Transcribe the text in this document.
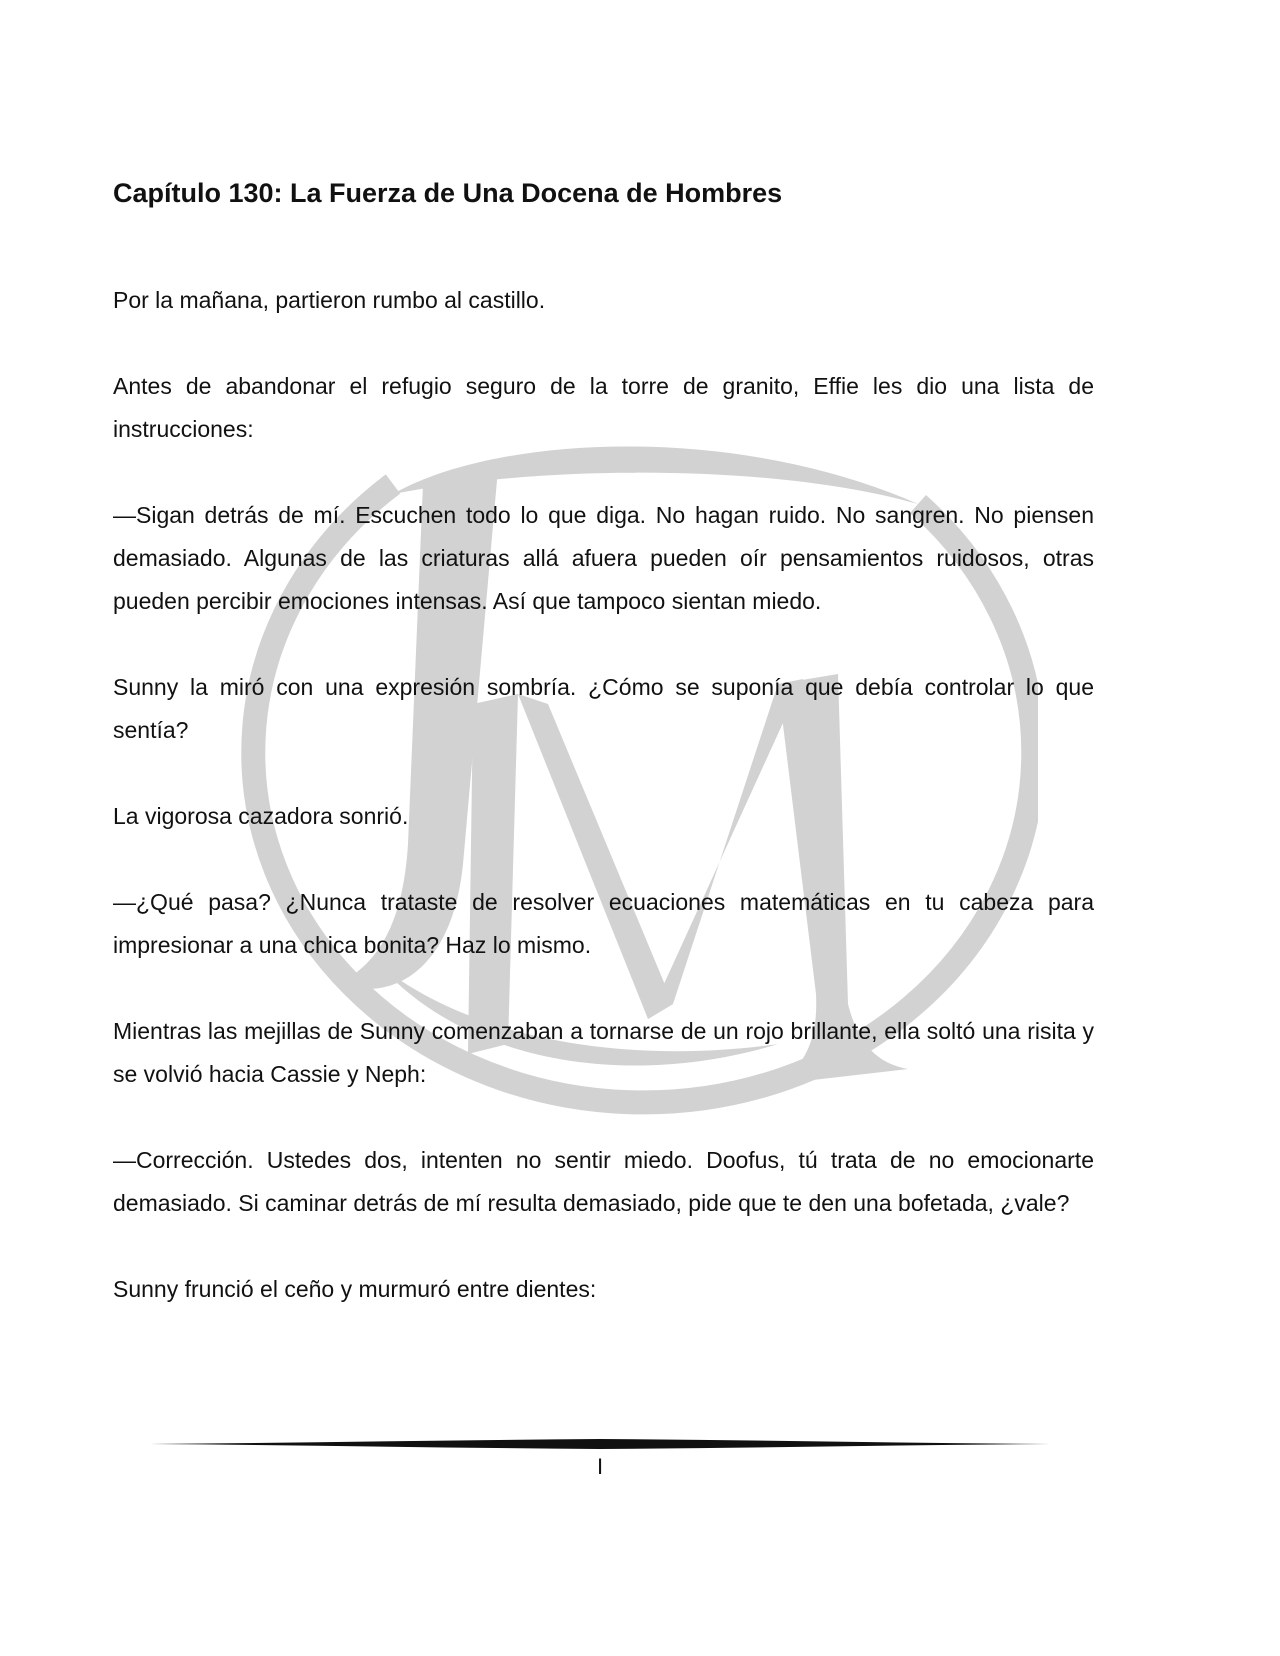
Capítulo 130: La Fuerza de Una Docena de Hombres

Por la mañana, partieron rumbo al castillo.

Antes de abandonar el refugio seguro de la torre de granito, Effie les dio una lista de instrucciones:

—Sigan detrás de mí. Escuchen todo lo que diga. No hagan ruido. No sangren. No piensen demasiado. Algunas de las criaturas allá afuera pueden oír pensamientos ruidosos, otras pueden percibir emociones intensas. Así que tampoco sientan miedo.

Sunny la miró con una expresión sombría. ¿Cómo se suponía que debía controlar lo que sentía?

La vigorosa cazadora sonrió.

—¿Qué pasa? ¿Nunca trataste de resolver ecuaciones matemáticas en tu cabeza para impresionar a una chica bonita? Haz lo mismo.

Mientras las mejillas de Sunny comenzaban a tornarse de un rojo brillante, ella soltó una risita y se volvió hacia Cassie y Neph:

—Corrección. Ustedes dos, intenten no sentir miedo. Doofus, tú trata de no emocionarte demasiado. Si caminar detrás de mí resulta demasiado, pide que te den una bofetada, ¿vale?

Sunny frunció el ceño y murmuró entre dientes:

I
